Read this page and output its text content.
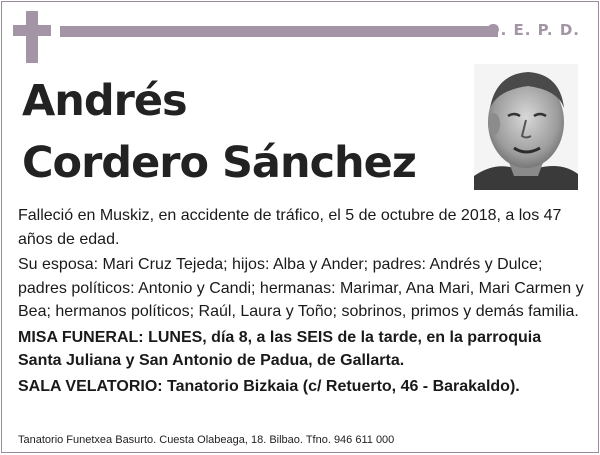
Q. E. P. D.
Andrés
Cordero Sánchez

Falleció en Muskiz, en accidente de tráfico, el 5 de octubre de 2018, a los 47 años de edad.

Su esposa: Mari Cruz Tejeda; hijos: Alba y Ander; padres: Andrés y Dulce; padres políticos: Antonio y Candi; hermanas: Marimar, Ana Mari, Mari Carmen y Bea; hermanos políticos; Raúl, Laura y Toño; sobrinos, primos y demás familia.

MISA FUNERAL: LUNES, día 8, a las SEIS de la tarde, en la parroquia Santa Juliana y San Antonio de Padua, de Gallarta.

SALA VELATORIO: Tanatorio Bizkaia (c/ Retuerto, 46 - Barakaldo).

Tanatorio Funetxea Basurto. Cuesta Olabeaga, 18. Bilbao. Tfno. 946 611 000
